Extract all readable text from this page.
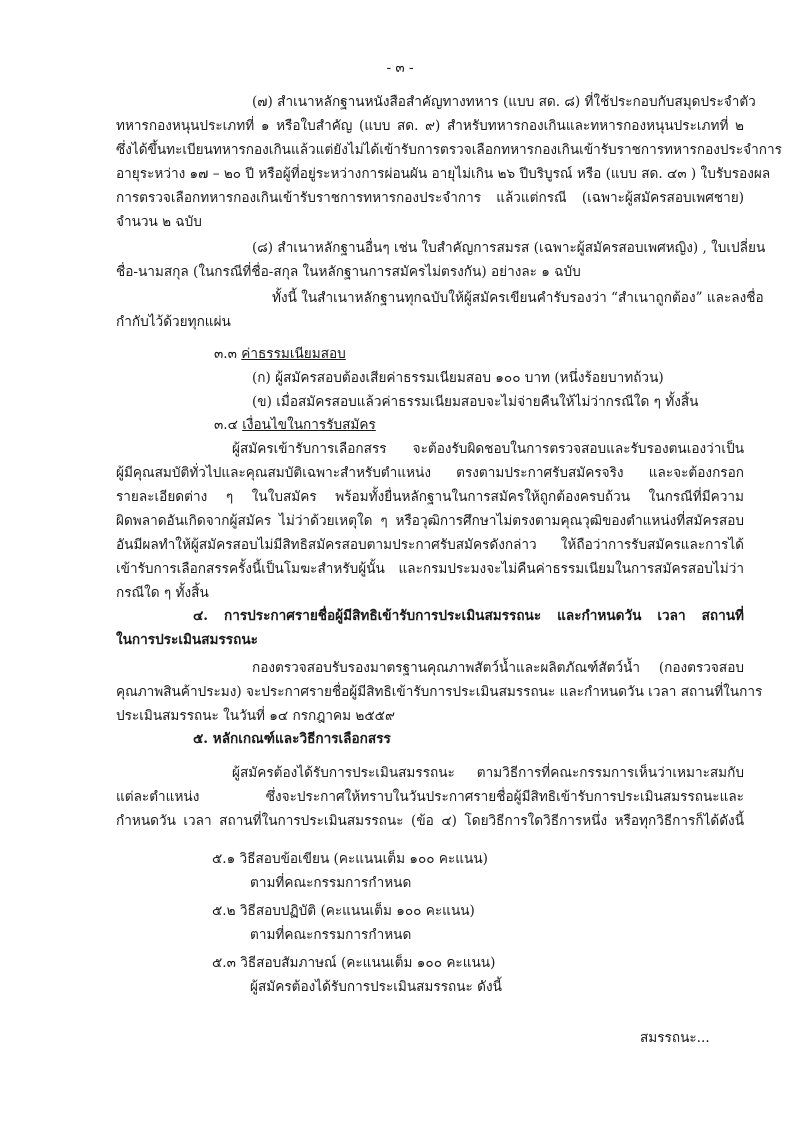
- ๓ -
(๗) สำเนาหลักฐานหนังสือสำคัญทางทหาร (แบบ สด. ๘) ที่ใช้ประกอบกับสมุดประจำตัว
ทหารกองหนุนประเภทที่ ๑ หรือใบสำคัญ (แบบ สด. ๙) สำหรับทหารกองเกินและทหารกองหนุนประเภทที่ ๒
ซึ่งได้ขึ้นทะเบียนทหารกองเกินแล้วแต่ยังไม่ได้เข้ารับการตรวจเลือกทหารกองเกินเข้ารับราชการทหารกองประจำการ
อายุระหว่าง ๑๗ – ๒๐ ปี หรือผู้ที่อยู่ระหว่างการผ่อนผัน อายุไม่เกิน ๒๖ ปีบริบูรณ์ หรือ (แบบ สด. ๔๓ ) ใบรับรองผล
การตรวจเลือกทหารกองเกินเข้ารับราชการทหารกองประจำการ แล้วแต่กรณี (เฉพาะผู้สมัครสอบเพศชาย)
จำนวน ๒ ฉบับ
(๘) สำเนาหลักฐานอื่นๆ เช่น ใบสำคัญการสมรส (เฉพาะผู้สมัครสอบเพศหญิง) , ใบเปลี่ยน
ชื่อ-นามสกุล (ในกรณีที่ชื่อ-สกุล ในหลักฐานการสมัครไม่ตรงกัน) อย่างละ ๑ ฉบับ
ทั้งนี้ ในสำเนาหลักฐานทุกฉบับให้ผู้สมัครเขียนคำรับรองว่า “สำเนาถูกต้อง” และลงชื่อ
กำกับไว้ด้วยทุกแผ่น
๓.๓ ค่าธรรมเนียมสอบ
(ก) ผู้สมัครสอบต้องเสียค่าธรรมเนียมสอบ ๑๐๐ บาท (หนึ่งร้อยบาทถ้วน)
(ข) เมื่อสมัครสอบแล้วค่าธรรมเนียมสอบจะไม่จ่ายคืนให้ไม่ว่ากรณีใด ๆ ทั้งสิ้น
๓.๔ เงื่อนไขในการรับสมัคร
ผู้สมัครเข้ารับการเลือกสรร จะต้องรับผิดชอบในการตรวจสอบและรับรองตนเองว่าเป็น
ผู้มีคุณสมบัติทั่วไปและคุณสมบัติเฉพาะสำหรับตำแหน่ง ตรงตามประกาศรับสมัครจริง และจะต้องกรอก
รายละเอียดต่าง ๆ ในใบสมัคร พร้อมทั้งยื่นหลักฐานในการสมัครให้ถูกต้องครบถ้วน ในกรณีที่มีความ
ผิดพลาดอันเกิดจากผู้สมัคร ไม่ว่าด้วยเหตุใด ๆ หรือวุฒิการศึกษาไม่ตรงตามคุณวุฒิของตำแหน่งที่สมัครสอบ
อันมีผลทำให้ผู้สมัครสอบไม่มีสิทธิสมัครสอบตามประกาศรับสมัครดังกล่าว ให้ถือว่าการรับสมัครและการได้
เข้ารับการเลือกสรรครั้งนี้เป็นโมฆะสำหรับผู้นั้น และกรมประมงจะไม่คืนค่าธรรมเนียมในการสมัครสอบไม่ว่า
กรณีใด ๆ ทั้งสิ้น
๔. การประกาศรายชื่อผู้มีสิทธิเข้ารับการประเมินสมรรถนะ และกำหนดวัน เวลา สถานที่
ในการประเมินสมรรถนะ
กองตรวจสอบรับรองมาตรฐานคุณภาพสัตว์น้ำและผลิตภัณฑ์สัตว์น้ำ (กองตรวจสอบ
คุณภาพสินค้าประมง) จะประกาศรายชื่อผู้มีสิทธิเข้ารับการประเมินสมรรถนะ และกำหนดวัน เวลา สถานที่ในการ
ประเมินสมรรถนะ ในวันที่ ๑๔ กรกฎาคม ๒๕๕๙
๕. หลักเกณฑ์และวิธีการเลือกสรร
ผู้สมัครต้องได้รับการประเมินสมรรถนะ ตามวิธีการที่คณะกรรมการเห็นว่าเหมาะสมกับ
แต่ละตำแหน่ง ซึ่งจะประกาศให้ทราบในวันประกาศรายชื่อผู้มีสิทธิเข้ารับการประเมินสมรรถนะและ
กำหนดวัน เวลา สถานที่ในการประเมินสมรรถนะ (ข้อ ๔) โดยวิธีการใดวิธีการหนึ่ง หรือทุกวิธีการก็ได้ดังนี้
๕.๑ วิธีสอบข้อเขียน (คะแนนเต็ม ๑๐๐ คะแนน)
ตามที่คณะกรรมการกำหนด
๕.๒ วิธีสอบปฏิบัติ (คะแนนเต็ม ๑๐๐ คะแนน)
ตามที่คณะกรรมการกำหนด
๕.๓ วิธีสอบสัมภาษณ์ (คะแนนเต็ม ๑๐๐ คะแนน)
ผู้สมัครต้องได้รับการประเมินสมรรถนะ ดังนี้
สมรรถนะ...
